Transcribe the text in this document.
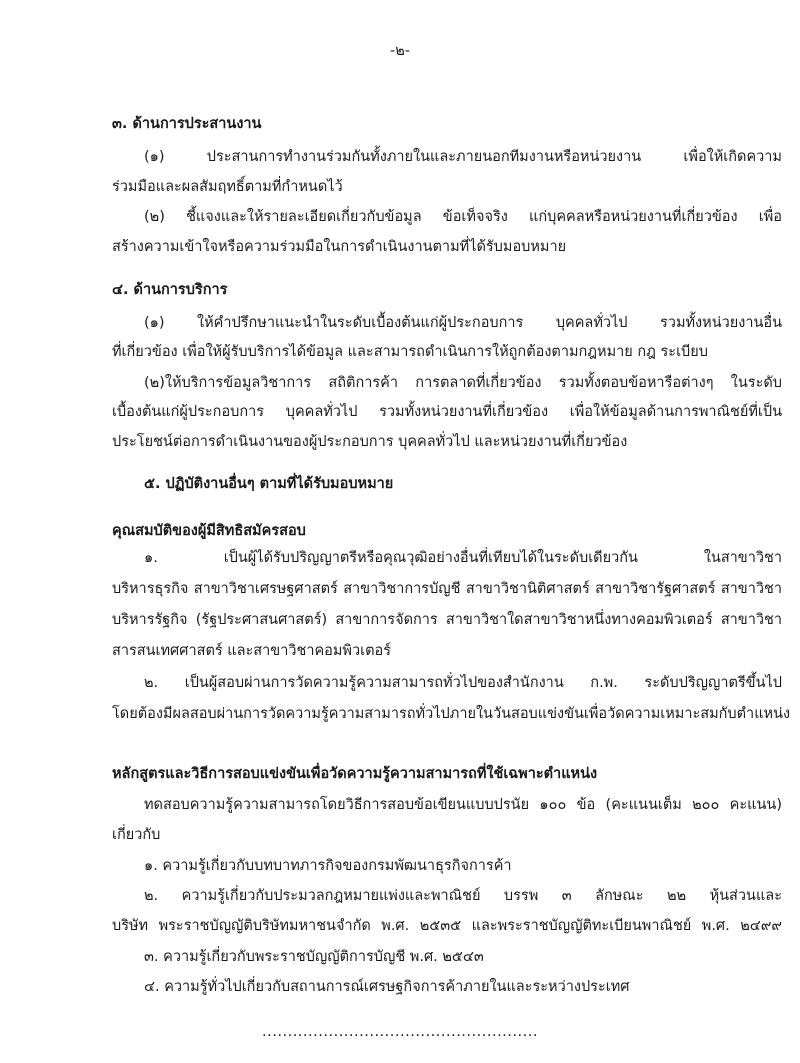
-๒-
๓. ด้านการประสานงาน
(๑) ประสานการทำงานร่วมกันทั้งภายในและภายนอกทีมงานหรือหน่วยงาน เพื่อให้เกิดความ
ร่วมมือและผลสัมฤทธิ์ตามที่กำหนดไว้
(๒) ชี้แจงและให้รายละเอียดเกี่ยวกับข้อมูล ข้อเท็จจริง แก่บุคคลหรือหน่วยงานที่เกี่ยวข้อง เพื่อ
สร้างความเข้าใจหรือความร่วมมือในการดำเนินงานตามที่ได้รับมอบหมาย
๔. ด้านการบริการ
(๑) ให้คำปรึกษาแนะนำในระดับเบื้องต้นแก่ผู้ประกอบการ บุคคลทั่วไป รวมทั้งหน่วยงานอื่น
ที่เกี่ยวข้อง เพื่อให้ผู้รับบริการได้ข้อมูล และสามารถดำเนินการให้ถูกต้องตามกฎหมาย กฎ ระเบียบ
(๒)ให้บริการข้อมูลวิชาการ สถิติการค้า การตลาดที่เกี่ยวข้อง รวมทั้งตอบข้อหารือต่างๆ ในระดับ
เบื้องต้นแก่ผู้ประกอบการ บุคคลทั่วไป รวมทั้งหน่วยงานที่เกี่ยวข้อง เพื่อให้ข้อมูลด้านการพาณิชย์ที่เป็น
ประโยชน์ต่อการดำเนินงานของผู้ประกอบการ บุคคลทั่วไป และหน่วยงานที่เกี่ยวข้อง
๕. ปฏิบัติงานอื่นๆ ตามที่ได้รับมอบหมาย
คุณสมบัติของผู้มีสิทธิสมัครสอบ
๑. เป็นผู้ได้รับปริญญาตรีหรือคุณวุฒิอย่างอื่นที่เทียบได้ในระดับเดียวกัน ในสาขาวิชา
บริหารธุรกิจ สาขาวิชาเศรษฐศาสตร์ สาขาวิชาการบัญชี สาขาวิชานิติศาสตร์ สาขาวิชารัฐศาสตร์ สาขาวิชา
บริหารรัฐกิจ (รัฐประศาสนศาสตร์) สาขาการจัดการ สาขาวิชาใดสาขาวิชาหนึ่งทางคอมพิวเตอร์ สาขาวิชา
สารสนเทศศาสตร์ และสาขาวิชาคอมพิวเตอร์
๒. เป็นผู้สอบผ่านการวัดความรู้ความสามารถทั่วไปของสำนักงาน ก.พ. ระดับปริญญาตรีขึ้นไป
โดยต้องมีผลสอบผ่านการวัดความรู้ความสามารถทั่วไปภายในวันสอบแข่งขันเพื่อวัดความเหมาะสมกับตำแหน่ง
หลักสูตรและวิธีการสอบแข่งขันเพื่อวัดความรู้ความสามารถที่ใช้เฉพาะตำแหน่ง
ทดสอบความรู้ความสามารถโดยวิธีการสอบข้อเขียนแบบปรนัย ๑๐๐ ข้อ (คะแนนเต็ม ๒๐๐ คะแนน)
เกี่ยวกับ
๑. ความรู้เกี่ยวกับบทบาทภารกิจของกรมพัฒนาธุรกิจการค้า
๒. ความรู้เกี่ยวกับประมวลกฎหมายแพ่งและพาณิชย์ บรรพ ๓ ลักษณะ ๒๒ หุ้นส่วนและ
บริษัท พระราชบัญญัติบริษัทมหาชนจำกัด พ.ศ. ๒๕๓๕ และพระราชบัญญัติทะเบียนพาณิชย์ พ.ศ. ๒๔๙๙
๓. ความรู้เกี่ยวกับพระราชบัญญัติการบัญชี พ.ศ. ๒๕๔๓
๔. ความรู้ทั่วไปเกี่ยวกับสถานการณ์เศรษฐกิจการค้าภายในและระหว่างประเทศ
......................................................
